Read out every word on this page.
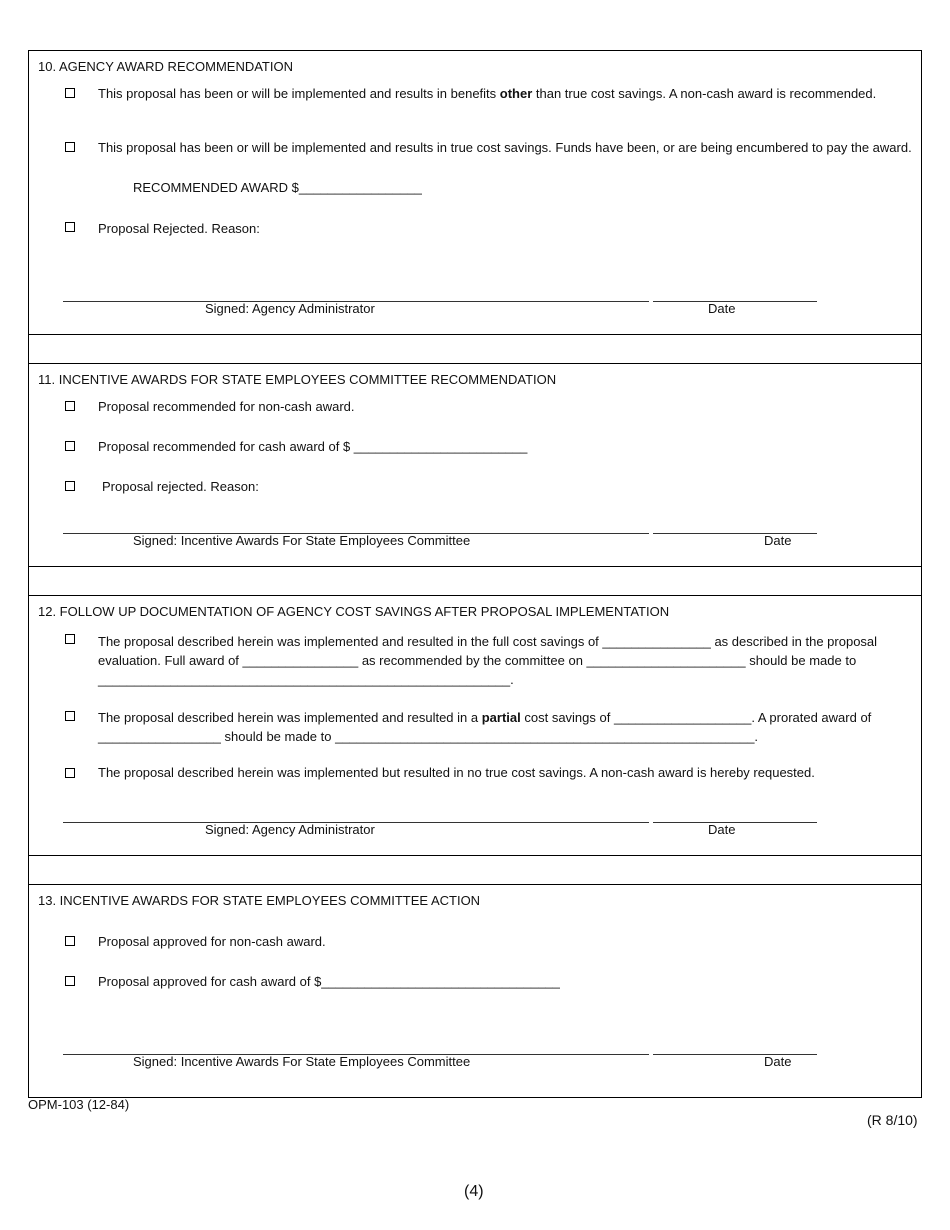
10. AGENCY AWARD RECOMMENDATION
This proposal has been or will be implemented and results in benefits other than true cost savings. A non-cash award is recommended.
This proposal has been or will be implemented and results in true cost savings. Funds have been, or are being encumbered to pay the award.
RECOMMENDED AWARD $_________________
Proposal Rejected. Reason:
Signed: Agency Administrator	Date
11. INCENTIVE AWARDS FOR STATE EMPLOYEES COMMITTEE RECOMMENDATION
Proposal recommended for non-cash award.
Proposal recommended for cash award of $ ________________________
Proposal rejected. Reason:
Signed: Incentive Awards For State Employees Committee	Date
12. FOLLOW UP DOCUMENTATION OF AGENCY COST SAVINGS AFTER PROPOSAL IMPLEMENTATION
The proposal described herein was implemented and resulted in the full cost savings of _______________ as described in the proposal evaluation. Full award of ________________ as recommended by the committee on ______________________ should be made to _________________________________________________________.
The proposal described herein was implemented and resulted in a partial cost savings of ___________________. A prorated award of _________________ should be made to __________________________________________________________.
The proposal described herein was implemented but resulted in no true cost savings. A non-cash award is hereby requested.
Signed: Agency Administrator	Date
13. INCENTIVE AWARDS FOR STATE EMPLOYEES COMMITTEE ACTION
Proposal approved for non-cash award.
Proposal approved for cash award of $_________________________________
Signed: Incentive Awards For State Employees Committee	Date
OPM-103 (12-84)
(R 8/10)
(4)
